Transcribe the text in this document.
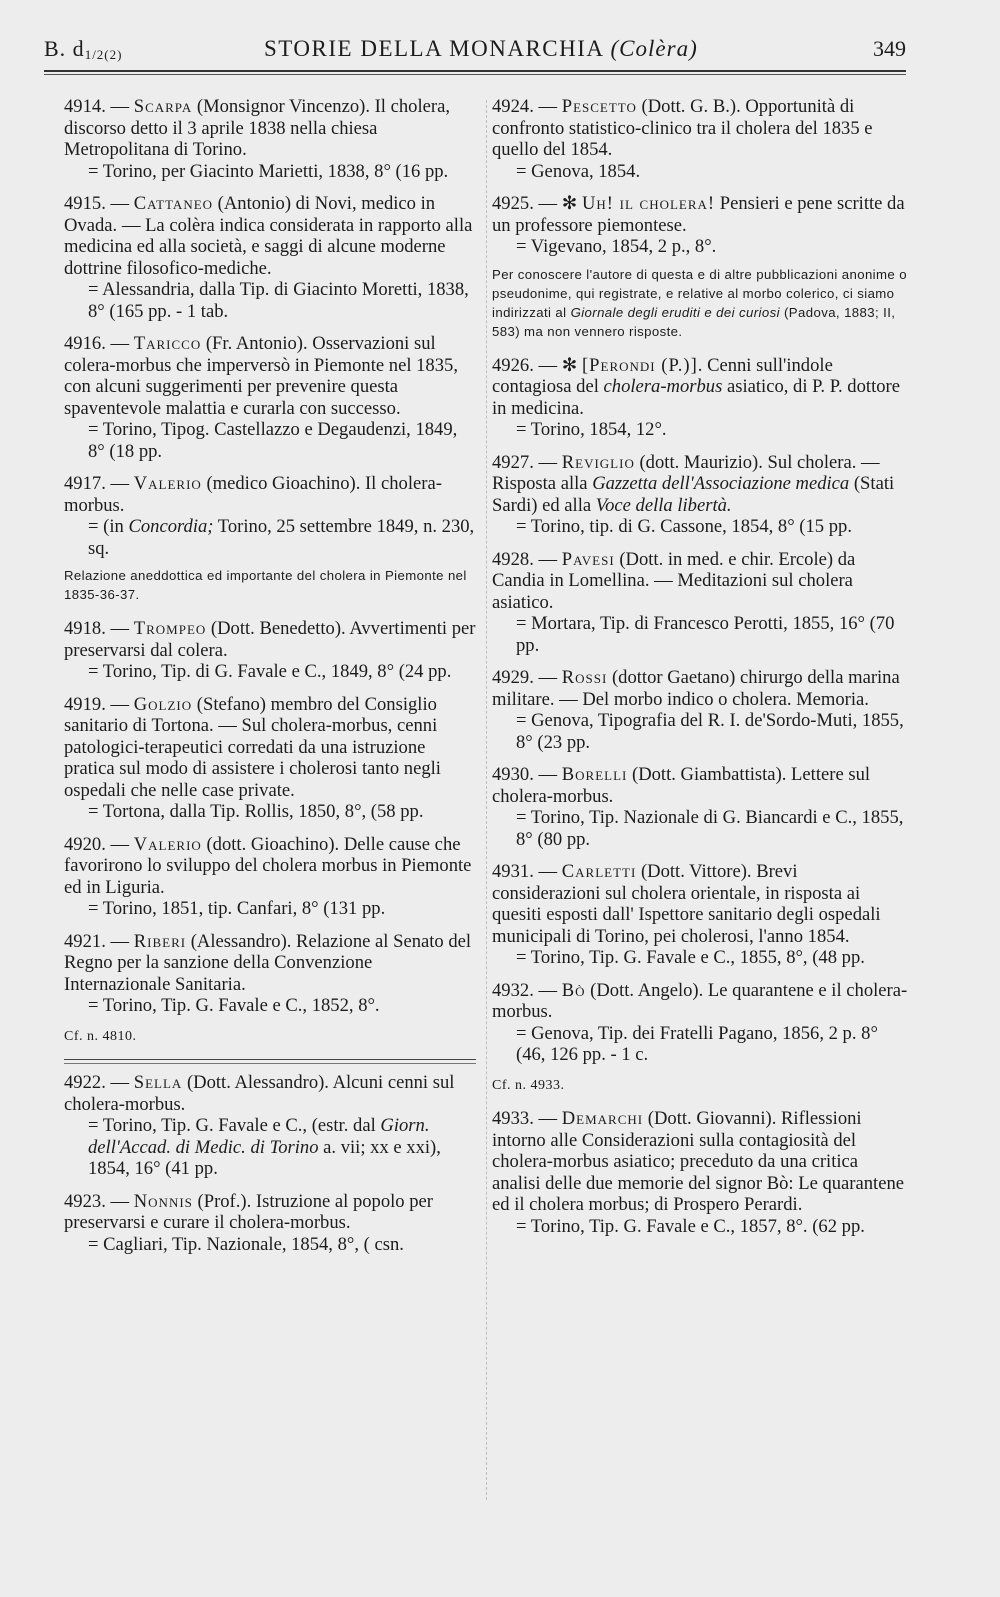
B. $d_{1/2(2)}$	STORIE DELLA MONARCHIA (Colèra)	349
4914. — Scarpa (Monsignor Vincenzo). Il cholera, discorso detto il 3 aprile 1838 nella chiesa Metropolitana di Torino.
= Torino, per Giacinto Marietti, 1838, 8° (16 pp.
4915. — Cattaneo (Antonio) di Novi, medico in Ovada. — La colèra indica considerata in rapporto alla medicina ed alla società, e saggi di alcune moderne dottrine filosofico-mediche.
= Alessandria, dalla Tip. di Giacinto Moretti, 1838, 8° (165 pp. - 1 tab.
4916. — Taricco (Fr. Antonio). Osservazioni sul colera-morbus che imperversò in Piemonte nel 1835, con alcuni suggerimenti per prevenire questa spaventevole malattia e curarla con successo.
= Torino, Tipog. Castellazzo e Degaudenzi, 1849, 8° (18 pp.
4917. — Valerio (medico Gioachino). Il cholera-morbus.
= (in Concordia; Torino, 25 settembre 1849, n. 230, sq.
Relazione aneddottica ed importante del cholera in Piemonte nel 1835-36-37.
4918. — Trompeo (Dott. Benedetto). Avvertimenti per preservarsi dal colera.
= Torino, Tip. di G. Favale e C., 1849, 8° (24 pp.
4919. — Golzio (Stefano) membro del Consiglio sanitario di Tortona. — Sul cholera-morbus, cenni patologici-terapeutici corredati da una istruzione pratica sul modo di assistere i cholerosi tanto negli ospedali che nelle case private.
= Tortona, dalla Tip. Rollis, 1850, 8°, (58 pp.
4920. — Valerio (dott. Gioachino). Delle cause che favorirono lo sviluppo del cholera morbus in Piemonte ed in Liguria.
= Torino, 1851, tip. Canfari, 8° (131 pp.
4921. — Riberi (Alessandro). Relazione al Senato del Regno per la sanzione della Convenzione Internazionale Sanitaria.
= Torino, Tip. G. Favale e C., 1852, 8°.
Cf. n. 4810.
4922. — Sella (Dott. Alessandro). Alcuni cenni sul cholera-morbus.
= Torino, Tip. G. Favale e C., (estr. dal Giorn. dell'Accad. di Medic. di Torino a. vii; xx e xxi), 1854, 16° (41 pp.
4923. — Nonnis (Prof.). Istruzione al popolo per preservarsi e curare il cholera-morbus.
= Cagliari, Tip. Nazionale, 1854, 8°, ( csn.
4924. — Pescetto (Dott. G. B.). Opportunità di confronto statistico-clinico tra il cholera del 1835 e quello del 1854.
= Genova, 1854.
4925. — ✻ Uh! il cholera! Pensieri e pene scritte da un professore piemontese.
= Vigevano, 1854, 2 p., 8°.
Per conoscere l'autore di questa e di altre pubblicazioni anonime o pseudonime, qui registrate, e relative al morbo colerico, ci siamo indirizzati al Giornale degli eruditi e dei curiosi (Padova, 1883; II, 583) ma non vennero risposte.
4926. — ✻ [Perondi (P.)]. Cenni sull'indole contagiosa del cholera-morbus asiatico, di P. P. dottore in medicina.
= Torino, 1854, 12°.
4927. — Reviglio (dott. Maurizio). Sul cholera. — Risposta alla Gazzetta dell'Associazione medica (Stati Sardi) ed alla Voce della libertà.
= Torino, tip. di G. Cassone, 1854, 8° (15 pp.
4928. — Pavesi (Dott. in med. e chir. Ercole) da Candia in Lomellina. — Meditazioni sul cholera asiatico.
= Mortara, Tip. di Francesco Perotti, 1855, 16° (70 pp.
4929. — Rossi (dottor Gaetano) chirurgo della marina militare. — Del morbo indico o cholera. Memoria.
= Genova, Tipografia del R. I. de'Sordo-Muti, 1855, 8° (23 pp.
4930. — Borelli (Dott. Giambattista). Lettere sul cholera-morbus.
= Torino, Tip. Nazionale di G. Biancardi e C., 1855, 8° (80 pp.
4931. — Carletti (Dott. Vittore). Brevi considerazioni sul cholera orientale, in risposta ai quesiti esposti dall' Ispettore sanitario degli ospedali municipali di Torino, pei cholerosi, l'anno 1854.
= Torino, Tip. G. Favale e C., 1855, 8°, (48 pp.
4932. — Bò (Dott. Angelo). Le quarantene e il cholera-morbus.
= Genova, Tip. dei Fratelli Pagano, 1856, 2 p. 8° (46, 126 pp. - 1 c.
Cf. n. 4933.
4933. — Demarchi (Dott. Giovanni). Riflessioni intorno alle Considerazioni sulla contagiosità del cholera-morbus asiatico; preceduto da una critica analisi delle due memorie del signor Bò: Le quarantene ed il cholera morbus; di Prospero Perardi.
= Torino, Tip. G. Favale e C., 1857, 8°. (62 pp.
